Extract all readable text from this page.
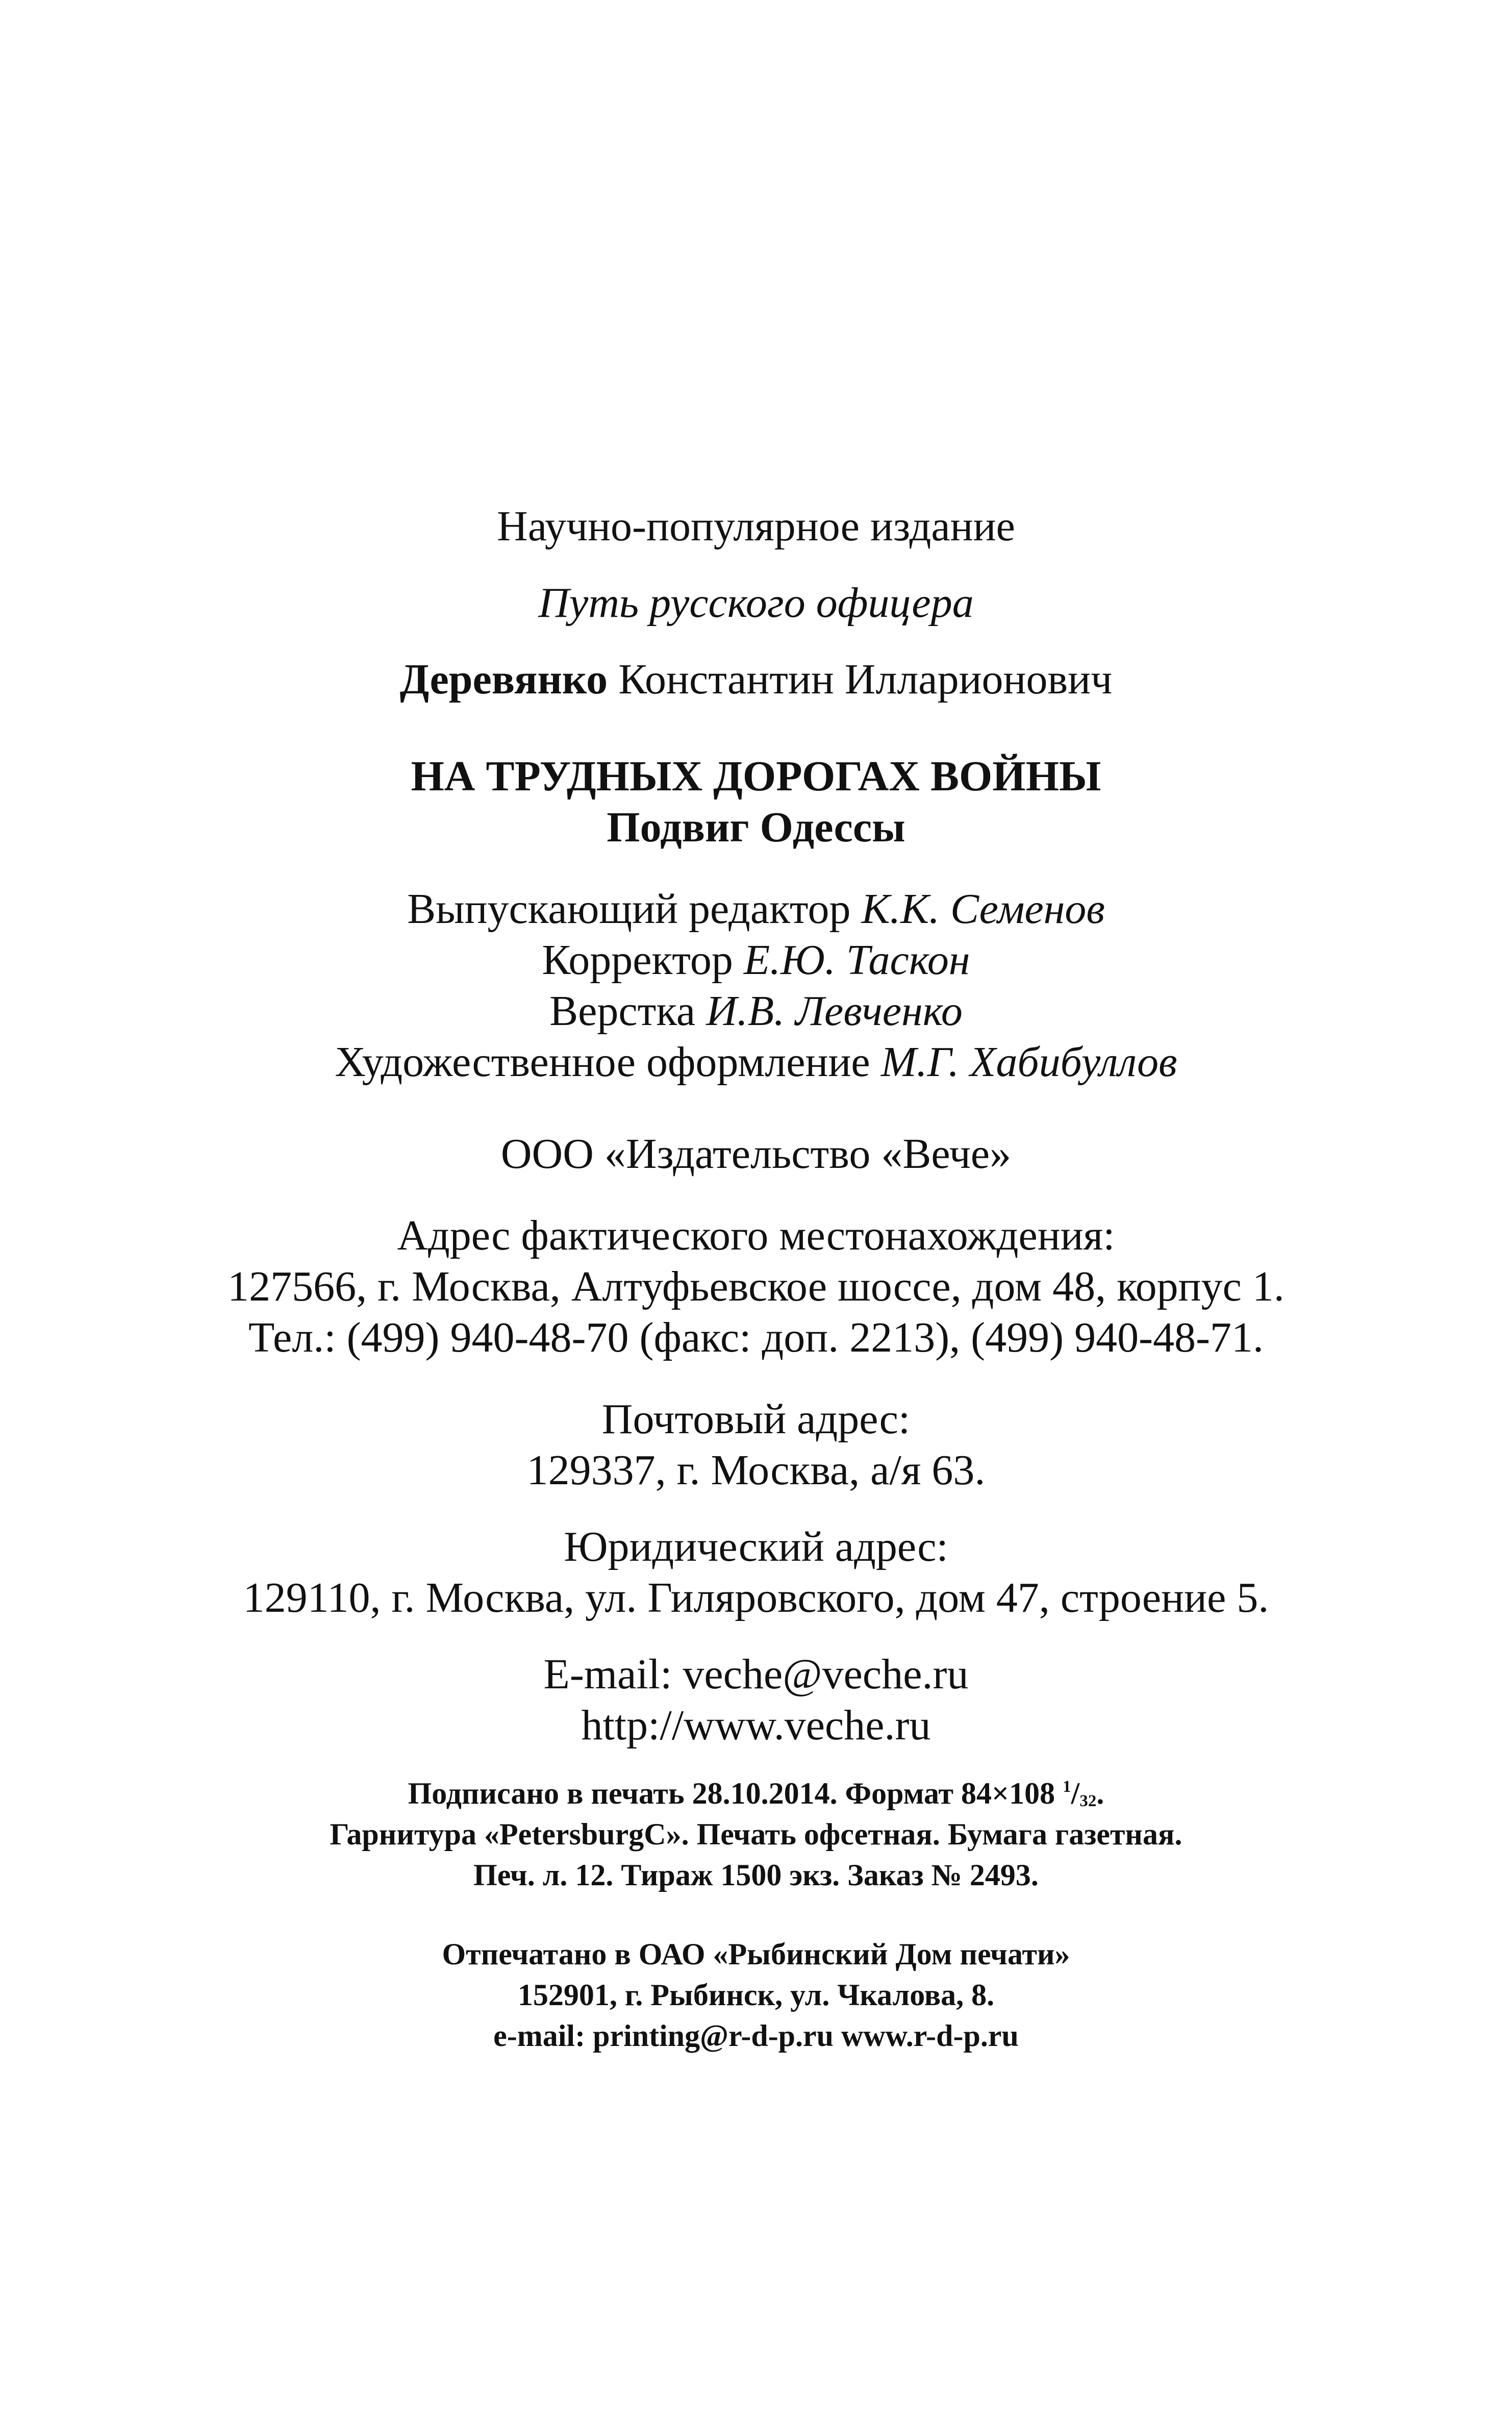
Научно-популярное издание
Путь русского офицера
Деревянко Константин Илларионович
НА ТРУДНЫХ ДОРОГАХ ВОЙНЫ
Подвиг Одессы
Выпускающий редактор К.К. Семенов
Корректор Е.Ю. Таскон
Верстка И.В. Левченко
Художественное оформление М.Г. Хабибуллов
ООО «Издательство «Вече»
Адрес фактического местонахождения:
127566, г. Москва, Алтуфьевское шоссе, дом 48, корпус 1.
Тел.: (499) 940-48-70 (факс: доп. 2213), (499) 940-48-71.
Почтовый адрес:
129337, г. Москва, а/я 63.
Юридический адрес:
129110, г. Москва, ул. Гиляровского, дом 47, строение 5.
E-mail: veche@veche.ru
http://www.veche.ru
Подписано в печать 28.10.2014. Формат 84×108 $^1/_{32}$.
Гарнитура «PetersburgC». Печать офсетная. Бумага газетная.
Печ. л. 12. Тираж 1500 экз. Заказ № 2493.
Отпечатано в ОАО «Рыбинский Дом печати»
152901, г. Рыбинск, ул. Чкалова, 8.
e-mail: printing@r-d-p.ru www.r-d-p.ru
